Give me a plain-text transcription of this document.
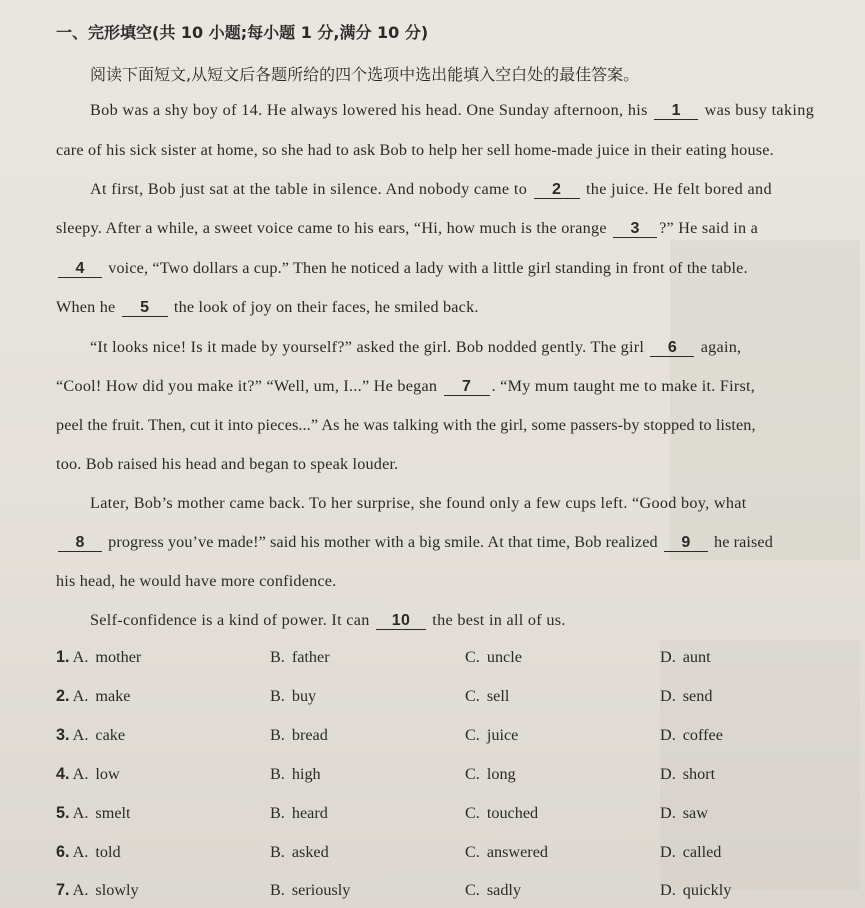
一、完形填空(共 10 小题;每小题 1 分,满分 10 分)
阅读下面短文,从短文后各题所给的四个选项中选出能填入空白处的最佳答案。
Bob was a shy boy of 14. He always lowered his head. One Sunday afternoon, his 1 was busy taking
care of his sick sister at home, so she had to ask Bob to help her sell home-made juice in their eating house.
At first, Bob just sat at the table in silence. And nobody came to 2 the juice. He felt bored and
sleepy. After a while, a sweet voice came to his ears, “Hi, how much is the orange 3 ?” He said in a
4 voice, “Two dollars a cup.” Then he noticed a lady with a little girl standing in front of the table.
When he 5 the look of joy on their faces, he smiled back.
“It looks nice! Is it made by yourself?” asked the girl. Bob nodded gently. The girl 6 again,
“Cool! How did you make it?” “Well, um, I...” He began 7 . “My mum taught me to make it. First,
peel the fruit. Then, cut it into pieces...” As he was talking with the girl, some passers-by stopped to listen,
too. Bob raised his head and began to speak louder.
Later, Bob’s mother came back. To her surprise, she found only a few cups left. “Good boy, what
8 progress you’ve made!” said his mother with a big smile. At that time, Bob realized 9 he raised
his head, he would have more confidence.
Self-confidence is a kind of power. It can 10 the best in all of us.
1. A. mother	B. father	C. uncle	D. aunt
2. A. make	B. buy	C. sell	D. send
3. A. cake	B. bread	C. juice	D. coffee
4. A. low	B. high	C. long	D. short
5. A. smelt	B. heard	C. touched	D. saw
6. A. told	B. asked	C. answered	D. called
7. A. slowly	B. seriously	C. sadly	D. quickly
